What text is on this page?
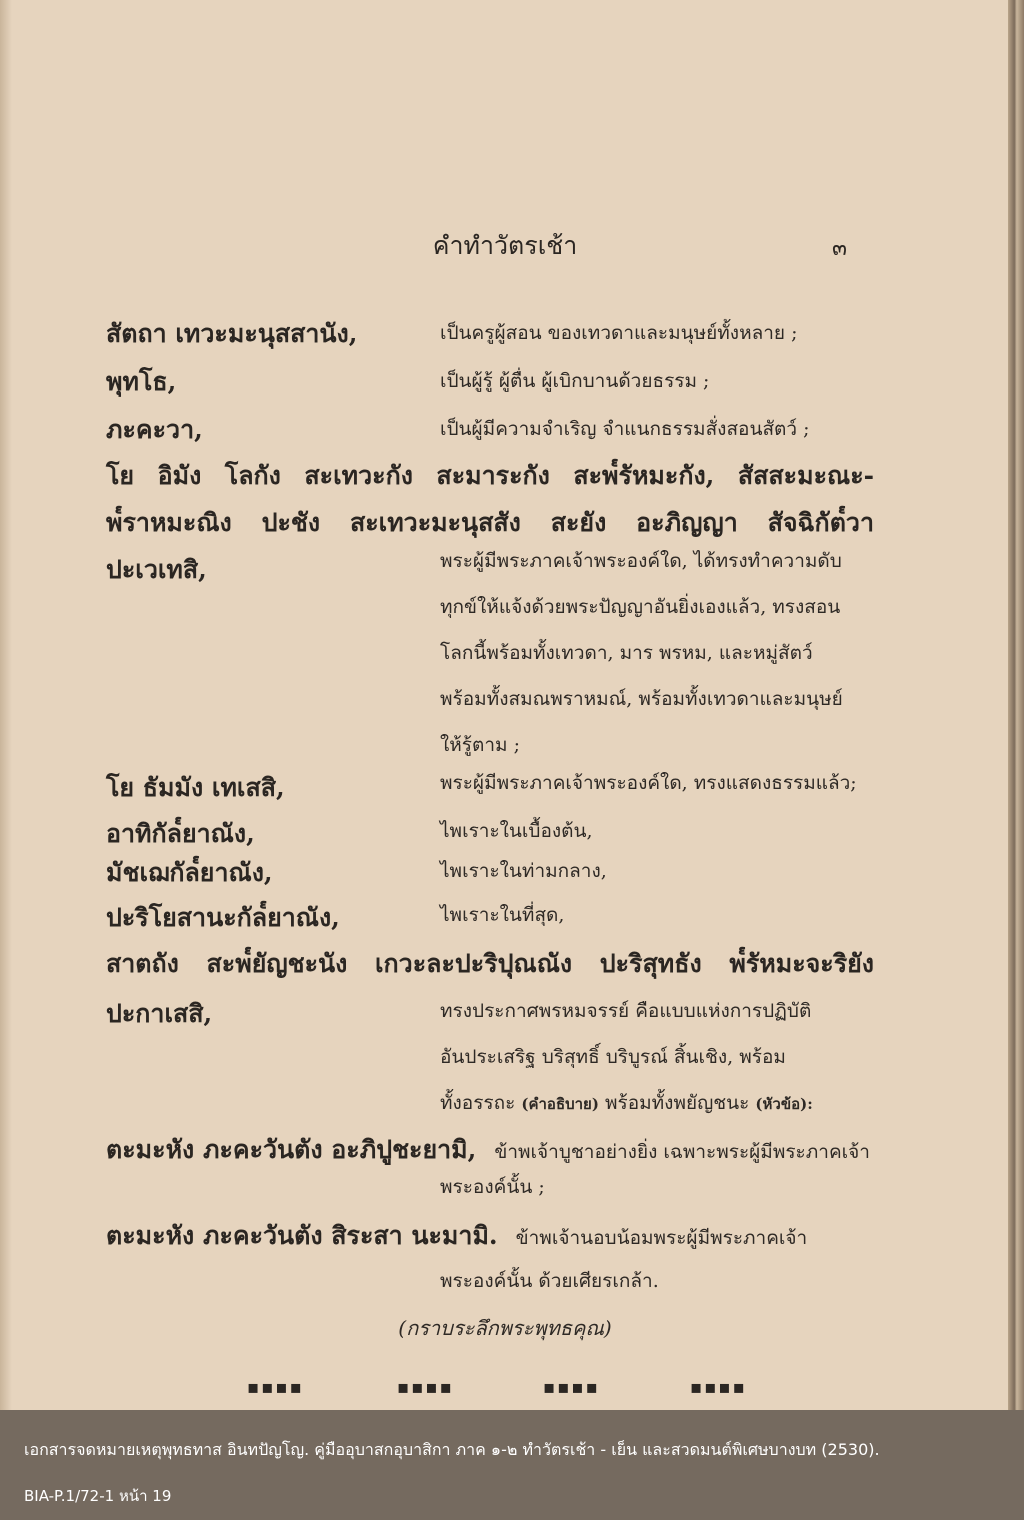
คำทำวัตรเช้า	๓
สัตถา เทวะมะนุสสานัง,	เป็นครูผู้สอน ของเทวดาและมนุษย์ทั้งหลาย ;
พุทโธ,	เป็นผู้รู้ ผู้ตื่น ผู้เบิกบานด้วยธรรม ;
ภะคะวา,	เป็นผู้มีความจำเริญ จำแนกธรรมสั่งสอนสัตว์ ;
โย อิมัง โลกัง สะเทวะกัง สะมาระกัง สะพ๎รัหมะกัง, สัสสะมะณะ-
พ๎ราหมะณิง ปะชัง สะเทวะมะนุสสัง สะยัง อะภิญญา สัจฉิกัต๎วา
ปะเวเทสิ,	พระผู้มีพระภาคเจ้าพระองค์ใด, ได้ทรงทำความดับ
ทุกข์ให้แจ้งด้วยพระปัญญาอันยิ่งเองแล้ว, ทรงสอน
โลกนี้พร้อมทั้งเทวดา, มาร พรหม, และหมู่สัตว์
พร้อมทั้งสมณพราหมณ์, พร้อมทั้งเทวดาและมนุษย์
ให้รู้ตาม ;
โย ธัมมัง เทเสสิ,	พระผู้มีพระภาคเจ้าพระองค์ใด, ทรงแสดงธรรมแล้ว;
อาทิกัล๎ยาณัง,	ไพเราะในเบื้องต้น,
มัชเฌกัล๎ยาณัง,	ไพเราะในท่ามกลาง,
ปะริโยสานะกัล๎ยาณัง,	ไพเราะในที่สุด,
สาตถัง สะพ๎ยัญชะนัง เกวะละปะริปุณณัง ปะริสุทธัง พ๎รัหมะจะริยัง
ปะกาเสสิ,	ทรงประกาศพรหมจรรย์ คือแบบแห่งการปฏิบัติ
อันประเสริฐ บริสุทธิ์ บริบูรณ์ สิ้นเชิง, พร้อม
ทั้งอรรถะ (คำอธิบาย) พร้อมทั้งพยัญชนะ (หัวข้อ):
ตะมะหัง ภะคะวันตัง อะภิปูชะยามิ, ข้าพเจ้าบูชาอย่างยิ่ง เฉพาะพระผู้มีพระภาคเจ้า
พระองค์นั้น ;
ตะมะหัง ภะคะวันตัง สิระสา นะมามิ. ข้าพเจ้านอบน้อมพระผู้มีพระภาคเจ้า
พระองค์นั้น ด้วยเศียรเกล้า.
(กราบระลึกพระพุทธคุณ)
▪▪▪▪	▪▪▪▪	▪▪▪▪	▪▪▪▪
เอกสารจดหมายเหตุพุทธทาส อินทปัญโญ. คู่มืออุบาสกอุบาสิกา ภาค ๑-๒ ทำวัตรเช้า - เย็น และสวดมนต์พิเศษบางบท (2530).
BIA-P.1/72-1 หน้า 19
